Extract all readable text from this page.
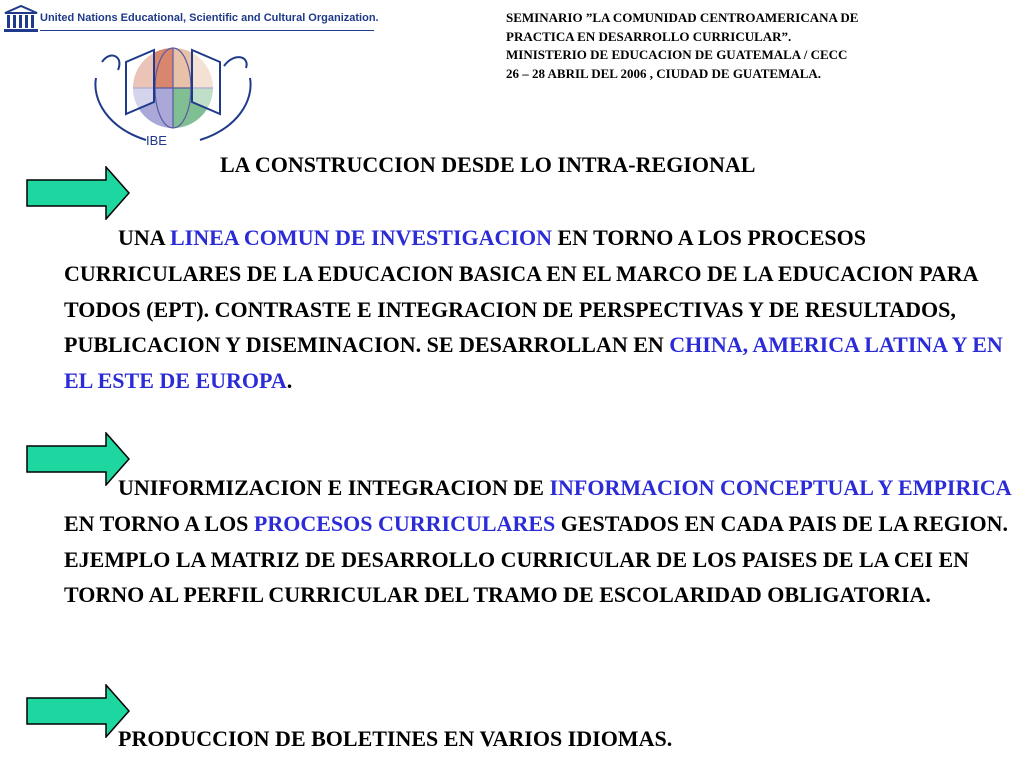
United Nations Educational, Scientific and Cultural Organization.
IBE
SEMINARIO ”LA COMUNIDAD CENTROAMERICANA DE
PRACTICA EN DESARROLLO CURRICULAR”.
MINISTERIO DE EDUCACION DE GUATEMALA / CECC
26 – 28 ABRIL DEL 2006 , CIUDAD DE GUATEMALA.
LA CONSTRUCCION DESDE LO INTRA-REGIONAL
UNA LINEA COMUN DE INVESTIGACION EN TORNO A LOS PROCESOS CURRICULARES DE LA EDUCACION BASICA EN EL MARCO DE LA EDUCACION PARA TODOS (EPT). CONTRASTE E INTEGRACION DE PERSPECTIVAS Y DE RESULTADOS, PUBLICACION Y DISEMINACION. SE DESARROLLAN EN CHINA, AMERICA LATINA Y EN EL ESTE DE EUROPA.
UNIFORMIZACION E INTEGRACION DE INFORMACION CONCEPTUAL Y EMPIRICA EN TORNO A LOS PROCESOS CURRICULARES GESTADOS EN CADA PAIS DE LA REGION. EJEMPLO LA MATRIZ DE DESARROLLO CURRICULAR DE LOS PAISES DE LA CEI EN TORNO AL PERFIL CURRICULAR DEL TRAMO DE ESCOLARIDAD OBLIGATORIA.
PRODUCCION DE BOLETINES EN VARIOS IDIOMAS.
